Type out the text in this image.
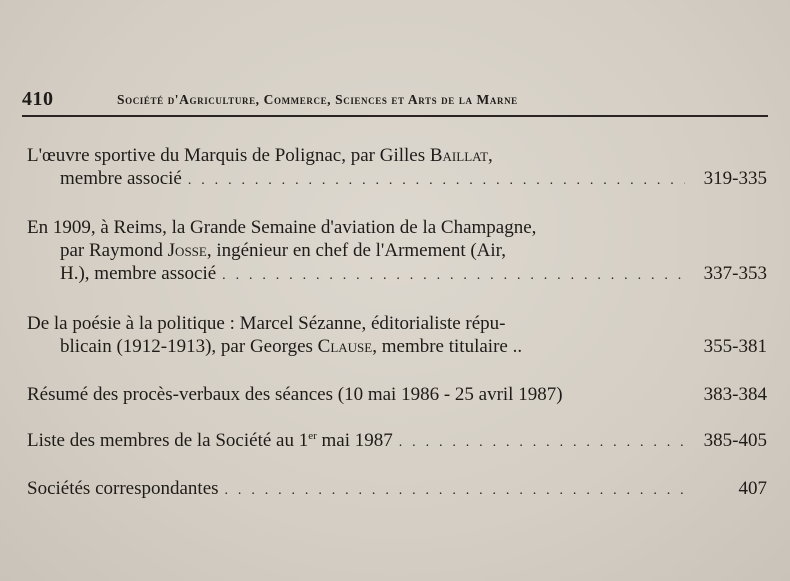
410	Société d'Agriculture, Commerce, Sciences et Arts de la Marne
L'œuvre sportive du Marquis de Polignac, par Gilles Baillat,
membre associé . . .	319-335
En 1909, à Reims, la Grande Semaine d'aviation de la Champagne,
par Raymond Josse, ingénieur en chef de l'Armement (Air,
H.), membre associé . . .	337-353
De la poésie à la politique : Marcel Sézanne, éditorialiste répu-
blicain (1912-1913), par Georges Clause, membre titulaire ..	355-381
Résumé des procès-verbaux des séances (10 mai 1986 - 25 avril 1987)	383-384
Liste des membres de la Société au 1er mai 1987 . . .	385-405
Sociétés correspondantes . . .	407
